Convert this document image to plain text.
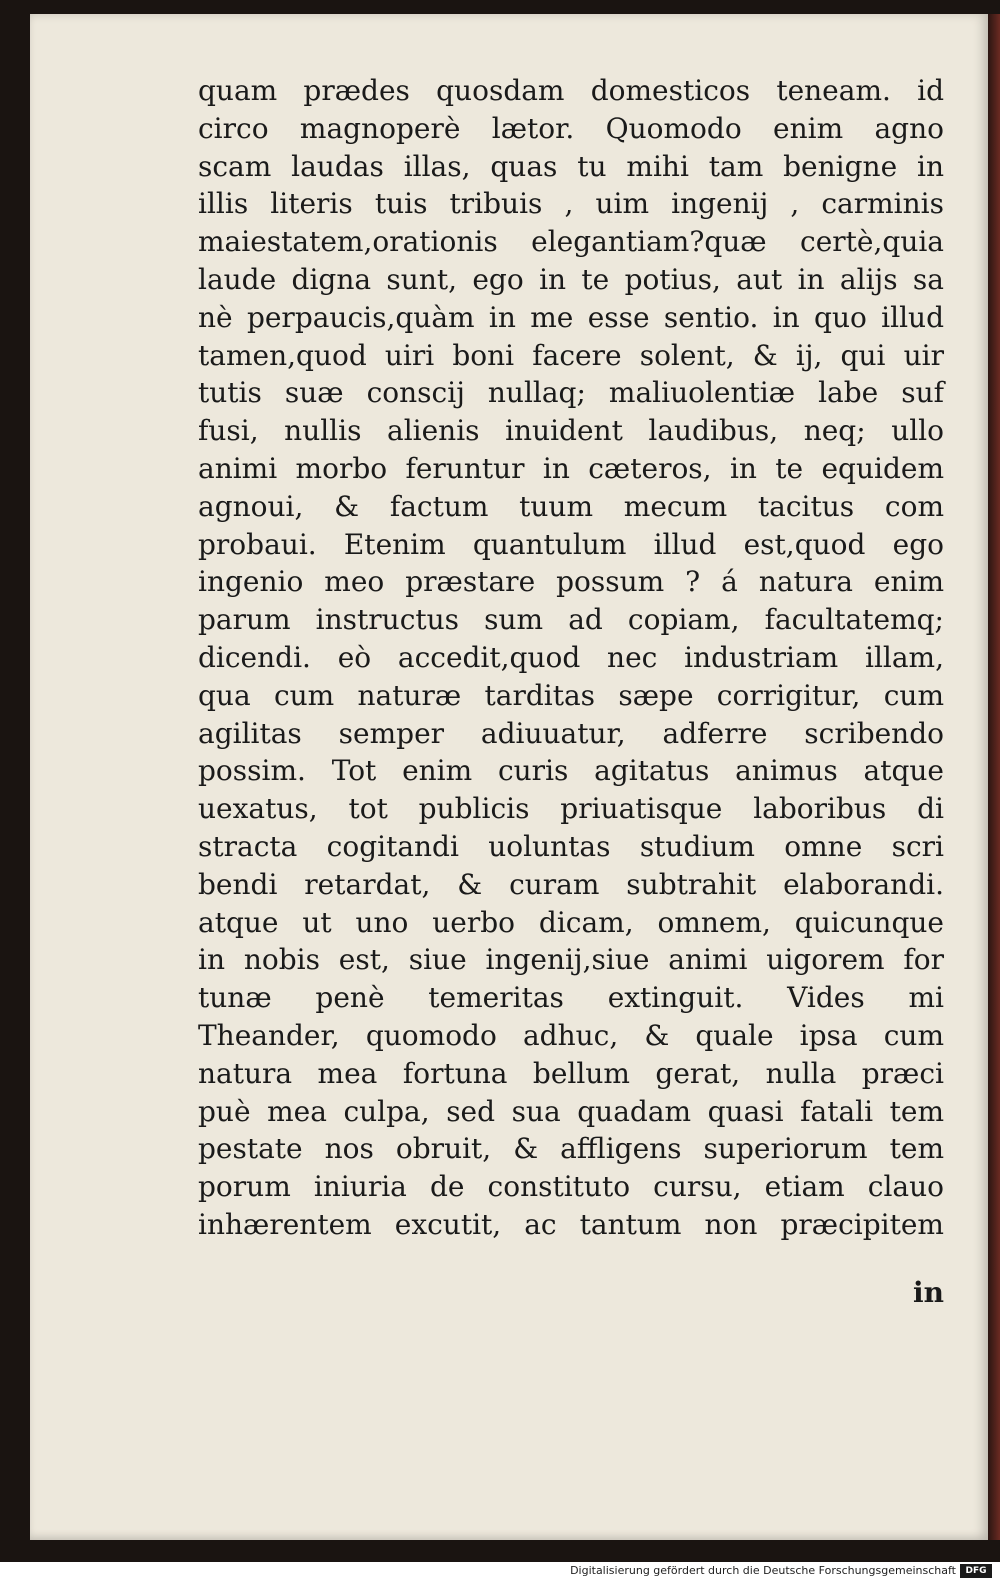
quam prædes quosdam domesticos teneam. id
circo magnoperè lætor. Quomodo enim agno
scam laudas illas, quas tu mihi tam benigne in
illis literis tuis tribuis , uim ingenij , carminis
maiestatem,orationis elegantiam?quæ certè,quia
laude digna sunt, ego in te potius, aut in alijs sa
nè perpaucis,quàm in me esse sentio. in quo illud
tamen,quod uiri boni facere solent, & ij, qui uir
tutis suæ conscij nullaq; maliuolentiæ labe suf
fusi, nullis alienis inuident laudibus, neq; ullo
animi morbo feruntur in cæteros, in te equidem
agnoui, & factum tuum mecum tacitus com
probaui. Etenim quantulum illud est,quod ego
ingenio meo præstare possum ? á natura enim
parum instructus sum ad copiam, facultatemq;
dicendi. eò accedit,quod nec industriam illam,
qua cum naturæ tarditas sæpe corrigitur, cum
agilitas semper adiuuatur, adferre scribendo
possim. Tot enim curis agitatus animus atque
uexatus, tot publicis priuatisque laboribus di
stracta cogitandi uoluntas studium omne scri
bendi retardat, & curam subtrahit elaborandi.
atque ut uno uerbo dicam, omnem, quicunque
in nobis est, siue ingenij,siue animi uigorem for
tunæ penè temeritas extinguit. Vides mi
Theander, quomodo adhuc, & quale ipsa cum
natura mea fortuna bellum gerat, nulla præci
puè mea culpa, sed sua quadam quasi fatali tem
pestate nos obruit, & affligens superiorum tem
porum iniuria de constituto cursu, etiam clauo
inhærentem excutit, ac tantum non præcipitem
in
Digitalisierung gefördert durch die Deutsche Forschungsgemeinschaft	DFG
